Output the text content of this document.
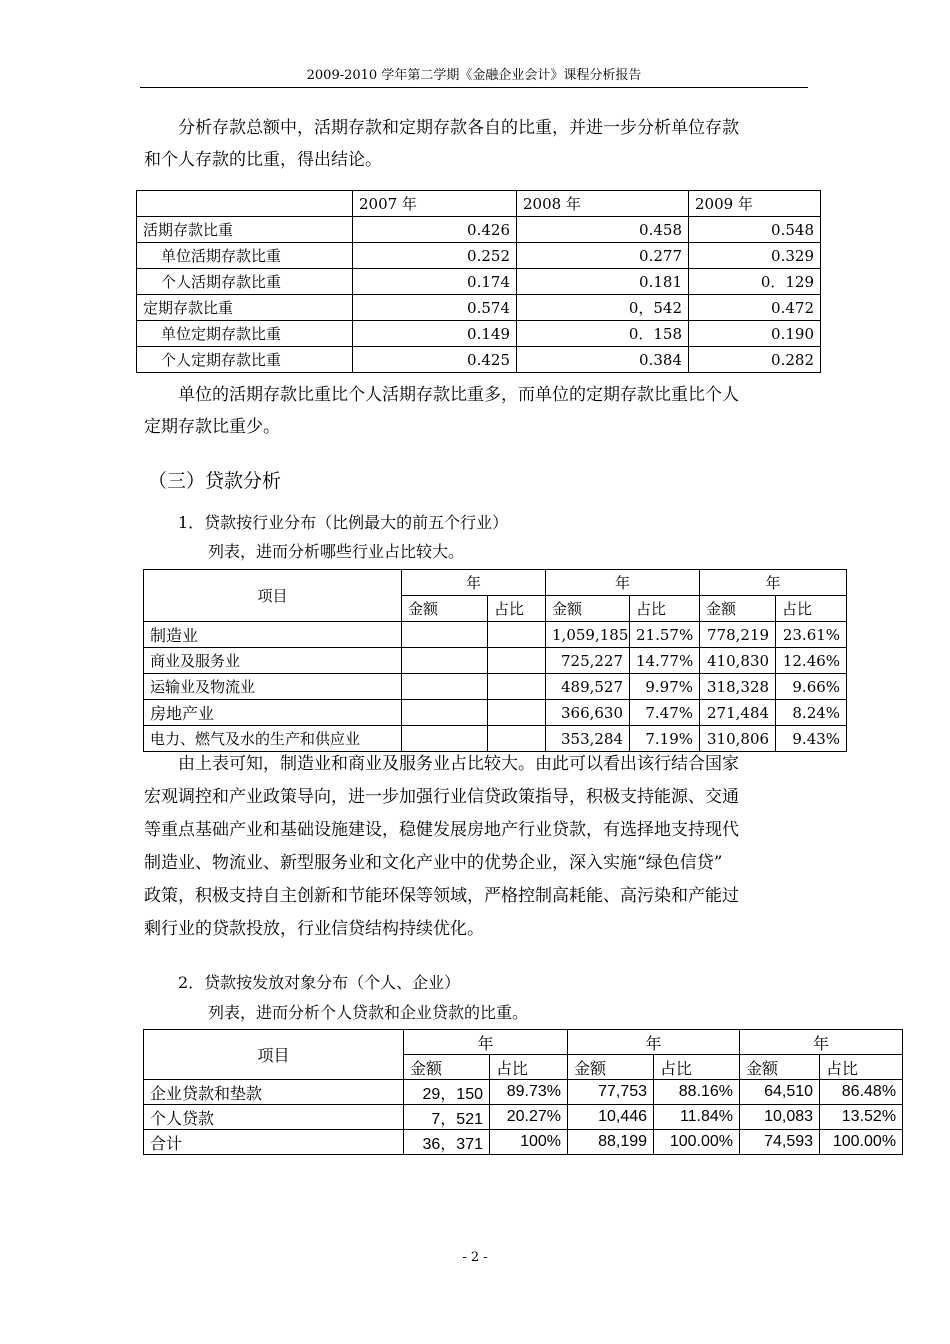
2009-2010 学年第二学期《金融企业会计》课程分析报告
分析存款总额中，活期存款和定期存款各自的比重，并进一步分析单位存款
和个人存款的比重，得出结论。
	2007 年	2008 年	2009 年
活期存款比重	0.426	0.458	0.548
单位活期存款比重	0.252	0.277	0.329
个人活期存款比重	0.174	0.181	0．129
定期存款比重	0.574	0，542	0.472
单位定期存款比重	0.149	0．158	0.190
个人定期存款比重	0.425	0.384	0.282
单位的活期存款比重比个人活期存款比重多，而单位的定期存款比重比个人
定期存款比重少。
（三）贷款分析
1．贷款按行业分布（比例最大的前五个行业）
列表，进而分析哪些行业占比较大。
项目	年		年		年	
	金额	占比	金额	占比	金额	占比
制造业			1,059,185	21.57%	778,219	23.61%
商业及服务业			725,227	14.77%	410,830	12.46%
运输业及物流业			489,527	9.97%	318,328	9.66%
房地产业			366,630	7.47%	271,484	8.24%
电力、燃气及水的生产和供应业			353,284	7.19%	310,806	9.43%
由上表可知，制造业和商业及服务业占比较大。由此可以看出该行结合国家
宏观调控和产业政策导向，进一步加强行业信贷政策指导，积极支持能源、交通
等重点基础产业和基础设施建设，稳健发展房地产行业贷款，有选择地支持现代
制造业、物流业、新型服务业和文化产业中的优势企业，深入实施“绿色信贷”
政策，积极支持自主创新和节能环保等领域，严格控制高耗能、高污染和产能过
剩行业的贷款投放，行业信贷结构持续优化。
2．贷款按发放对象分布（个人、企业）
列表，进而分析个人贷款和企业贷款的比重。
项目	年		年		年	
	金额	占比	金额	占比	金额	占比
企业贷款和垫款	29，150	89.73%	77,753	88.16%	64,510	86.48%
个人贷款	7，521	20.27%	10,446	11.84%	10,083	13.52%
合计	36，371	100%	88,199	100.00%	74,593	100.00%
- 2 -
